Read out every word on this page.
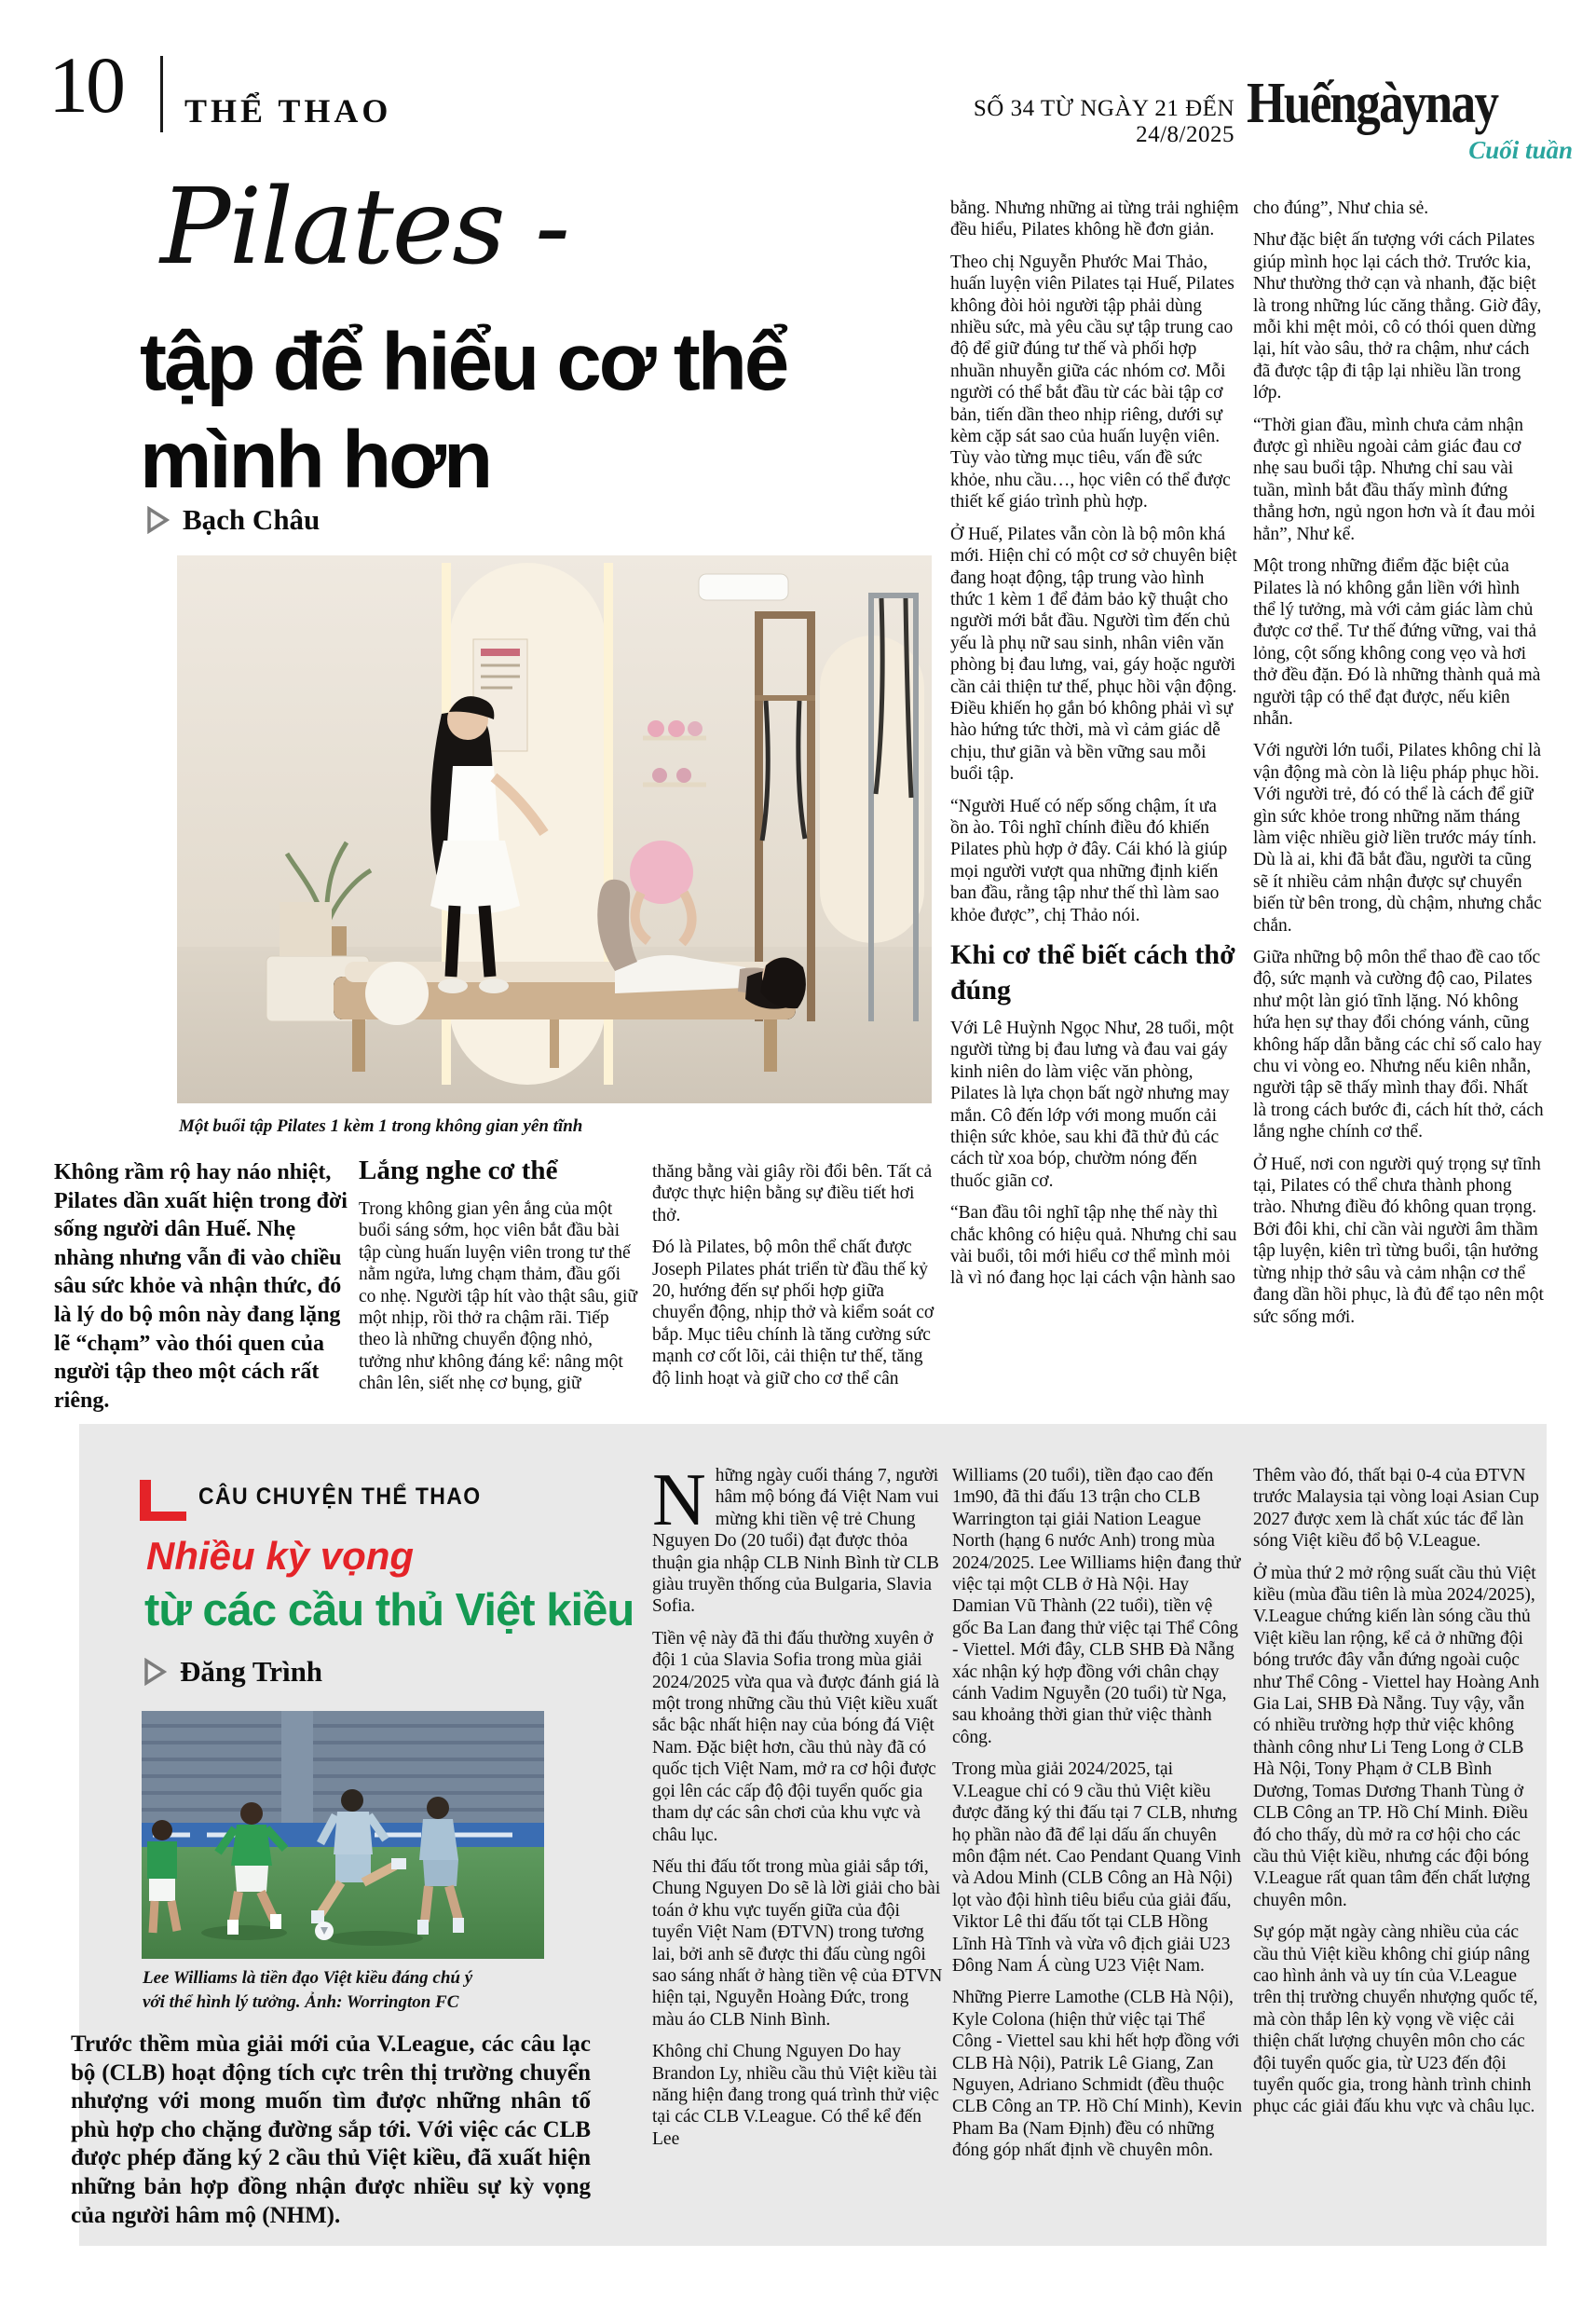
10 THỂ THAO	SỐ 34 TỪ NGÀY 21 ĐẾN 24/8/2025 Huế ngày nay
Cuối tuần
Pilates -
tập để hiểu cơ thể
mình hơn
Bạch Châu
Một buổi tập Pilates 1 kèm 1 trong không gian yên tĩnh
Không rầm rộ hay náo nhiệt, Pilates dần xuất hiện trong đời sống người dân Huế. Nhẹ nhàng nhưng vẫn đi vào chiều sâu sức khỏe và nhận thức, đó là lý do bộ môn này đang lặng lẽ “chạm” vào thói quen của người tập theo một cách rất riêng.
Lắng nghe cơ thể

Trong không gian yên ắng của một buổi sáng sớm, học viên bắt đầu bài tập cùng huấn luyện viên trong tư thế nằm ngửa, lưng chạm thảm, đầu gối co nhẹ. Người tập hít vào thật sâu, giữ một nhịp, rồi thở ra chậm rãi. Tiếp theo là những chuyển động nhỏ, tưởng như không đáng kể: nâng một chân lên, siết nhẹ cơ bụng, giữ

thăng bằng vài giây rồi đổi bên. Tất cả được thực hiện bằng sự điều tiết hơi thở.

Đó là Pilates, bộ môn thể chất được Joseph Pilates phát triển từ đầu thế kỷ 20, hướng đến sự phối hợp giữa chuyển động, nhịp thở và kiểm soát cơ bắp. Mục tiêu chính là tăng cường sức mạnh cơ cốt lõi, cải thiện tư thế, tăng độ linh hoạt và giữ cho cơ thể cân

bằng. Nhưng những ai từng trải nghiệm đều hiểu, Pilates không hề đơn giản.

Theo chị Nguyễn Phước Mai Thảo, huấn luyện viên Pilates tại Huế, Pilates không đòi hỏi người tập phải dùng nhiều sức, mà yêu cầu sự tập trung cao độ để giữ đúng tư thế và phối hợp nhuần nhuyễn giữa các nhóm cơ. Mỗi người có thể bắt đầu từ các bài tập cơ bản, tiến dần theo nhịp riêng, dưới sự kèm cặp sát sao của huấn luyện viên. Tùy vào từng mục tiêu, vấn đề sức khỏe, nhu cầu…, học viên có thể được thiết kế giáo trình phù hợp.

Ở Huế, Pilates vẫn còn là bộ môn khá mới. Hiện chỉ có một cơ sở chuyên biệt đang hoạt động, tập trung vào hình thức 1 kèm 1 để đảm bảo kỹ thuật cho người mới bắt đầu. Người tìm đến chủ yếu là phụ nữ sau sinh, nhân viên văn phòng bị đau lưng, vai, gáy hoặc người cần cải thiện tư thế, phục hồi vận động. Điều khiến họ gắn bó không phải vì sự hào hứng tức thời, mà vì cảm giác dễ chịu, thư giãn và bền vững sau mỗi buổi tập.

“Người Huế có nếp sống chậm, ít ưa ồn ào. Tôi nghĩ chính điều đó khiến Pilates phù hợp ở đây. Cái khó là giúp mọi người vượt qua những định kiến ban đầu, rằng tập như thế thì làm sao khỏe được”, chị Thảo nói.

Khi cơ thể biết cách thở đúng

Với Lê Huỳnh Ngọc Như, 28 tuổi, một người từng bị đau lưng và đau vai gáy kinh niên do làm việc văn phòng, Pilates là lựa chọn bất ngờ nhưng may mắn. Cô đến lớp với mong muốn cải thiện sức khỏe, sau khi đã thử đủ các cách từ xoa bóp, chườm nóng đến thuốc giãn cơ.

“Ban đầu tôi nghĩ tập nhẹ thế này thì chắc không có hiệu quả. Nhưng chỉ sau vài buổi, tôi mới hiểu cơ thể mình mỏi là vì nó đang học lại cách vận hành sao

cho đúng”, Như chia sẻ.

Như đặc biệt ấn tượng với cách Pilates giúp mình học lại cách thở. Trước kia, Như thường thở cạn và nhanh, đặc biệt là trong những lúc căng thẳng. Giờ đây, mỗi khi mệt mỏi, cô có thói quen dừng lại, hít vào sâu, thở ra chậm, như cách đã được tập đi tập lại nhiều lần trong lớp.

“Thời gian đầu, mình chưa cảm nhận được gì nhiều ngoài cảm giác đau cơ nhẹ sau buổi tập. Nhưng chỉ sau vài tuần, mình bắt đầu thấy mình đứng thẳng hơn, ngủ ngon hơn và ít đau mỏi hẳn”, Như kể.

Một trong những điểm đặc biệt của Pilates là nó không gắn liền với hình thể lý tưởng, mà với cảm giác làm chủ được cơ thể. Tư thế đứng vững, vai thả lỏng, cột sống không cong vẹo và hơi thở đều đặn. Đó là những thành quả mà người tập có thể đạt được, nếu kiên nhẫn.

Với người lớn tuổi, Pilates không chỉ là vận động mà còn là liệu pháp phục hồi. Với người trẻ, đó có thể là cách để giữ gìn sức khỏe trong những năm tháng làm việc nhiều giờ liền trước máy tính. Dù là ai, khi đã bắt đầu, người ta cũng sẽ ít nhiều cảm nhận được sự chuyển biến từ bên trong, dù chậm, nhưng chắc chắn.

Giữa những bộ môn thể thao đề cao tốc độ, sức mạnh và cường độ cao, Pilates như một làn gió tĩnh lặng. Nó không hứa hẹn sự thay đổi chóng vánh, cũng không hấp dẫn bằng các chỉ số calo hay chu vi vòng eo. Nhưng nếu kiên nhẫn, người tập sẽ thấy mình thay đổi. Nhất là trong cách bước đi, cách hít thở, cách lắng nghe chính cơ thể.

Ở Huế, nơi con người quý trọng sự tĩnh tại, Pilates có thể chưa thành phong trào. Nhưng điều đó không quan trọng. Bởi đôi khi, chỉ cần vài người âm thầm tập luyện, kiên trì từng buổi, tận hưởng từng nhịp thở sâu và cảm nhận cơ thể đang dần hồi phục, là đủ để tạo nên một sức sống mới.

CÂU CHUYỆN THỂ THAO
Nhiều kỳ vọng
từ các cầu thủ Việt kiều
Đăng Trình
Lee Williams là tiền đạo Việt kiều đáng chú ý
với thể hình lý tưởng. Ảnh: Worrington FC
Trước thềm mùa giải mới của V.League, các câu lạc bộ (CLB) hoạt động tích cực trên thị trường chuyển nhượng với mong muốn tìm được những nhân tố phù hợp cho chặng đường sắp tới. Với việc các CLB được phép đăng ký 2 cầu thủ Việt kiều, đã xuất hiện những bản hợp đồng nhận được nhiều sự kỳ vọng của người hâm mộ (NHM).

Những ngày cuối tháng 7, người hâm mộ bóng đá Việt Nam vui mừng khi tiền vệ trẻ Chung Nguyen Do (20 tuổi) đạt được thỏa thuận gia nhập CLB Ninh Bình từ CLB giàu truyền thống của Bulgaria, Slavia Sofia.

Tiền vệ này đã thi đấu thường xuyên ở đội 1 của Slavia Sofia trong mùa giải 2024/2025 vừa qua và được đánh giá là một trong những cầu thủ Việt kiều xuất sắc bậc nhất hiện nay của bóng đá Việt Nam. Đặc biệt hơn, cầu thủ này đã có quốc tịch Việt Nam, mở ra cơ hội được gọi lên các cấp độ đội tuyển quốc gia tham dự các sân chơi của khu vực và châu lục.

Nếu thi đấu tốt trong mùa giải sắp tới, Chung Nguyen Do sẽ là lời giải cho bài toán ở khu vực tuyến giữa của đội tuyển Việt Nam (ĐTVN) trong tương lai, bởi anh sẽ được thi đấu cùng ngôi sao sáng nhất ở hàng tiền vệ của ĐTVN hiện tại, Nguyễn Hoàng Đức, trong màu áo CLB Ninh Bình.

Không chỉ Chung Nguyen Do hay Brandon Ly, nhiều cầu thủ Việt kiều tài năng hiện đang trong quá trình thử việc tại các CLB V.League. Có thể kể đến Lee

Williams (20 tuổi), tiền đạo cao đến 1m90, đã thi đấu 13 trận cho CLB Warrington tại giải Nation League North (hạng 6 nước Anh) trong mùa 2024/2025. Lee Williams hiện đang thử việc tại một CLB ở Hà Nội. Hay Damian Vũ Thành (22 tuổi), tiền vệ gốc Ba Lan đang thử việc tại Thể Công - Viettel. Mới đây, CLB SHB Đà Nẵng xác nhận ký hợp đồng với chân chạy cánh Vadim Nguyễn (20 tuổi) từ Nga, sau khoảng thời gian thử việc thành công.

Trong mùa giải 2024/2025, tại V.League chỉ có 9 cầu thủ Việt kiều được đăng ký thi đấu tại 7 CLB, nhưng họ phần nào đã để lại dấu ấn chuyên môn đậm nét. Cao Pendant Quang Vinh và Adou Minh (CLB Công an Hà Nội) lọt vào đội hình tiêu biểu của giải đấu, Viktor Lê thi đấu tốt tại CLB Hồng Lĩnh Hà Tĩnh và vừa vô địch giải U23 Đông Nam Á cùng U23 Việt Nam.

Những Pierre Lamothe (CLB Hà Nội), Kyle Colona (hiện thử việc tại Thể Công - Viettel sau khi hết hợp đồng với CLB Hà Nội), Patrik Lê Giang, Zan Nguyen, Adriano Schmidt (đều thuộc CLB Công an TP. Hồ Chí Minh), Kevin Pham Ba (Nam Định) đều có những đóng góp nhất định về chuyên môn.

Thêm vào đó, thất bại 0-4 của ĐTVN trước Malaysia tại vòng loại Asian Cup 2027 được xem là chất xúc tác để làn sóng Việt kiều đổ bộ V.League.

Ở mùa thứ 2 mở rộng suất cầu thủ Việt kiều (mùa đầu tiên là mùa 2024/2025), V.League chứng kiến làn sóng cầu thủ Việt kiều lan rộng, kể cả ở những đội bóng trước đây vẫn đứng ngoài cuộc như Thể Công - Viettel hay Hoàng Anh Gia Lai, SHB Đà Nẵng. Tuy vậy, vẫn có nhiều trường hợp thử việc không thành công như Li Teng Long ở CLB Hà Nội, Tony Phạm ở CLB Bình Dương, Tomas Dương Thanh Tùng ở CLB Công an TP. Hồ Chí Minh. Điều đó cho thấy, dù mở ra cơ hội cho các cầu thủ Việt kiều, nhưng các đội bóng V.League rất quan tâm đến chất lượng chuyên môn.

Sự góp mặt ngày càng nhiều của các cầu thủ Việt kiều không chỉ giúp nâng cao hình ảnh và uy tín của V.League trên thị trường chuyển nhượng quốc tế, mà còn thắp lên kỳ vọng về việc cải thiện chất lượng chuyên môn cho các đội tuyển quốc gia, từ U23 đến đội tuyển quốc gia, trong hành trình chinh phục các giải đấu khu vực và châu lục.
